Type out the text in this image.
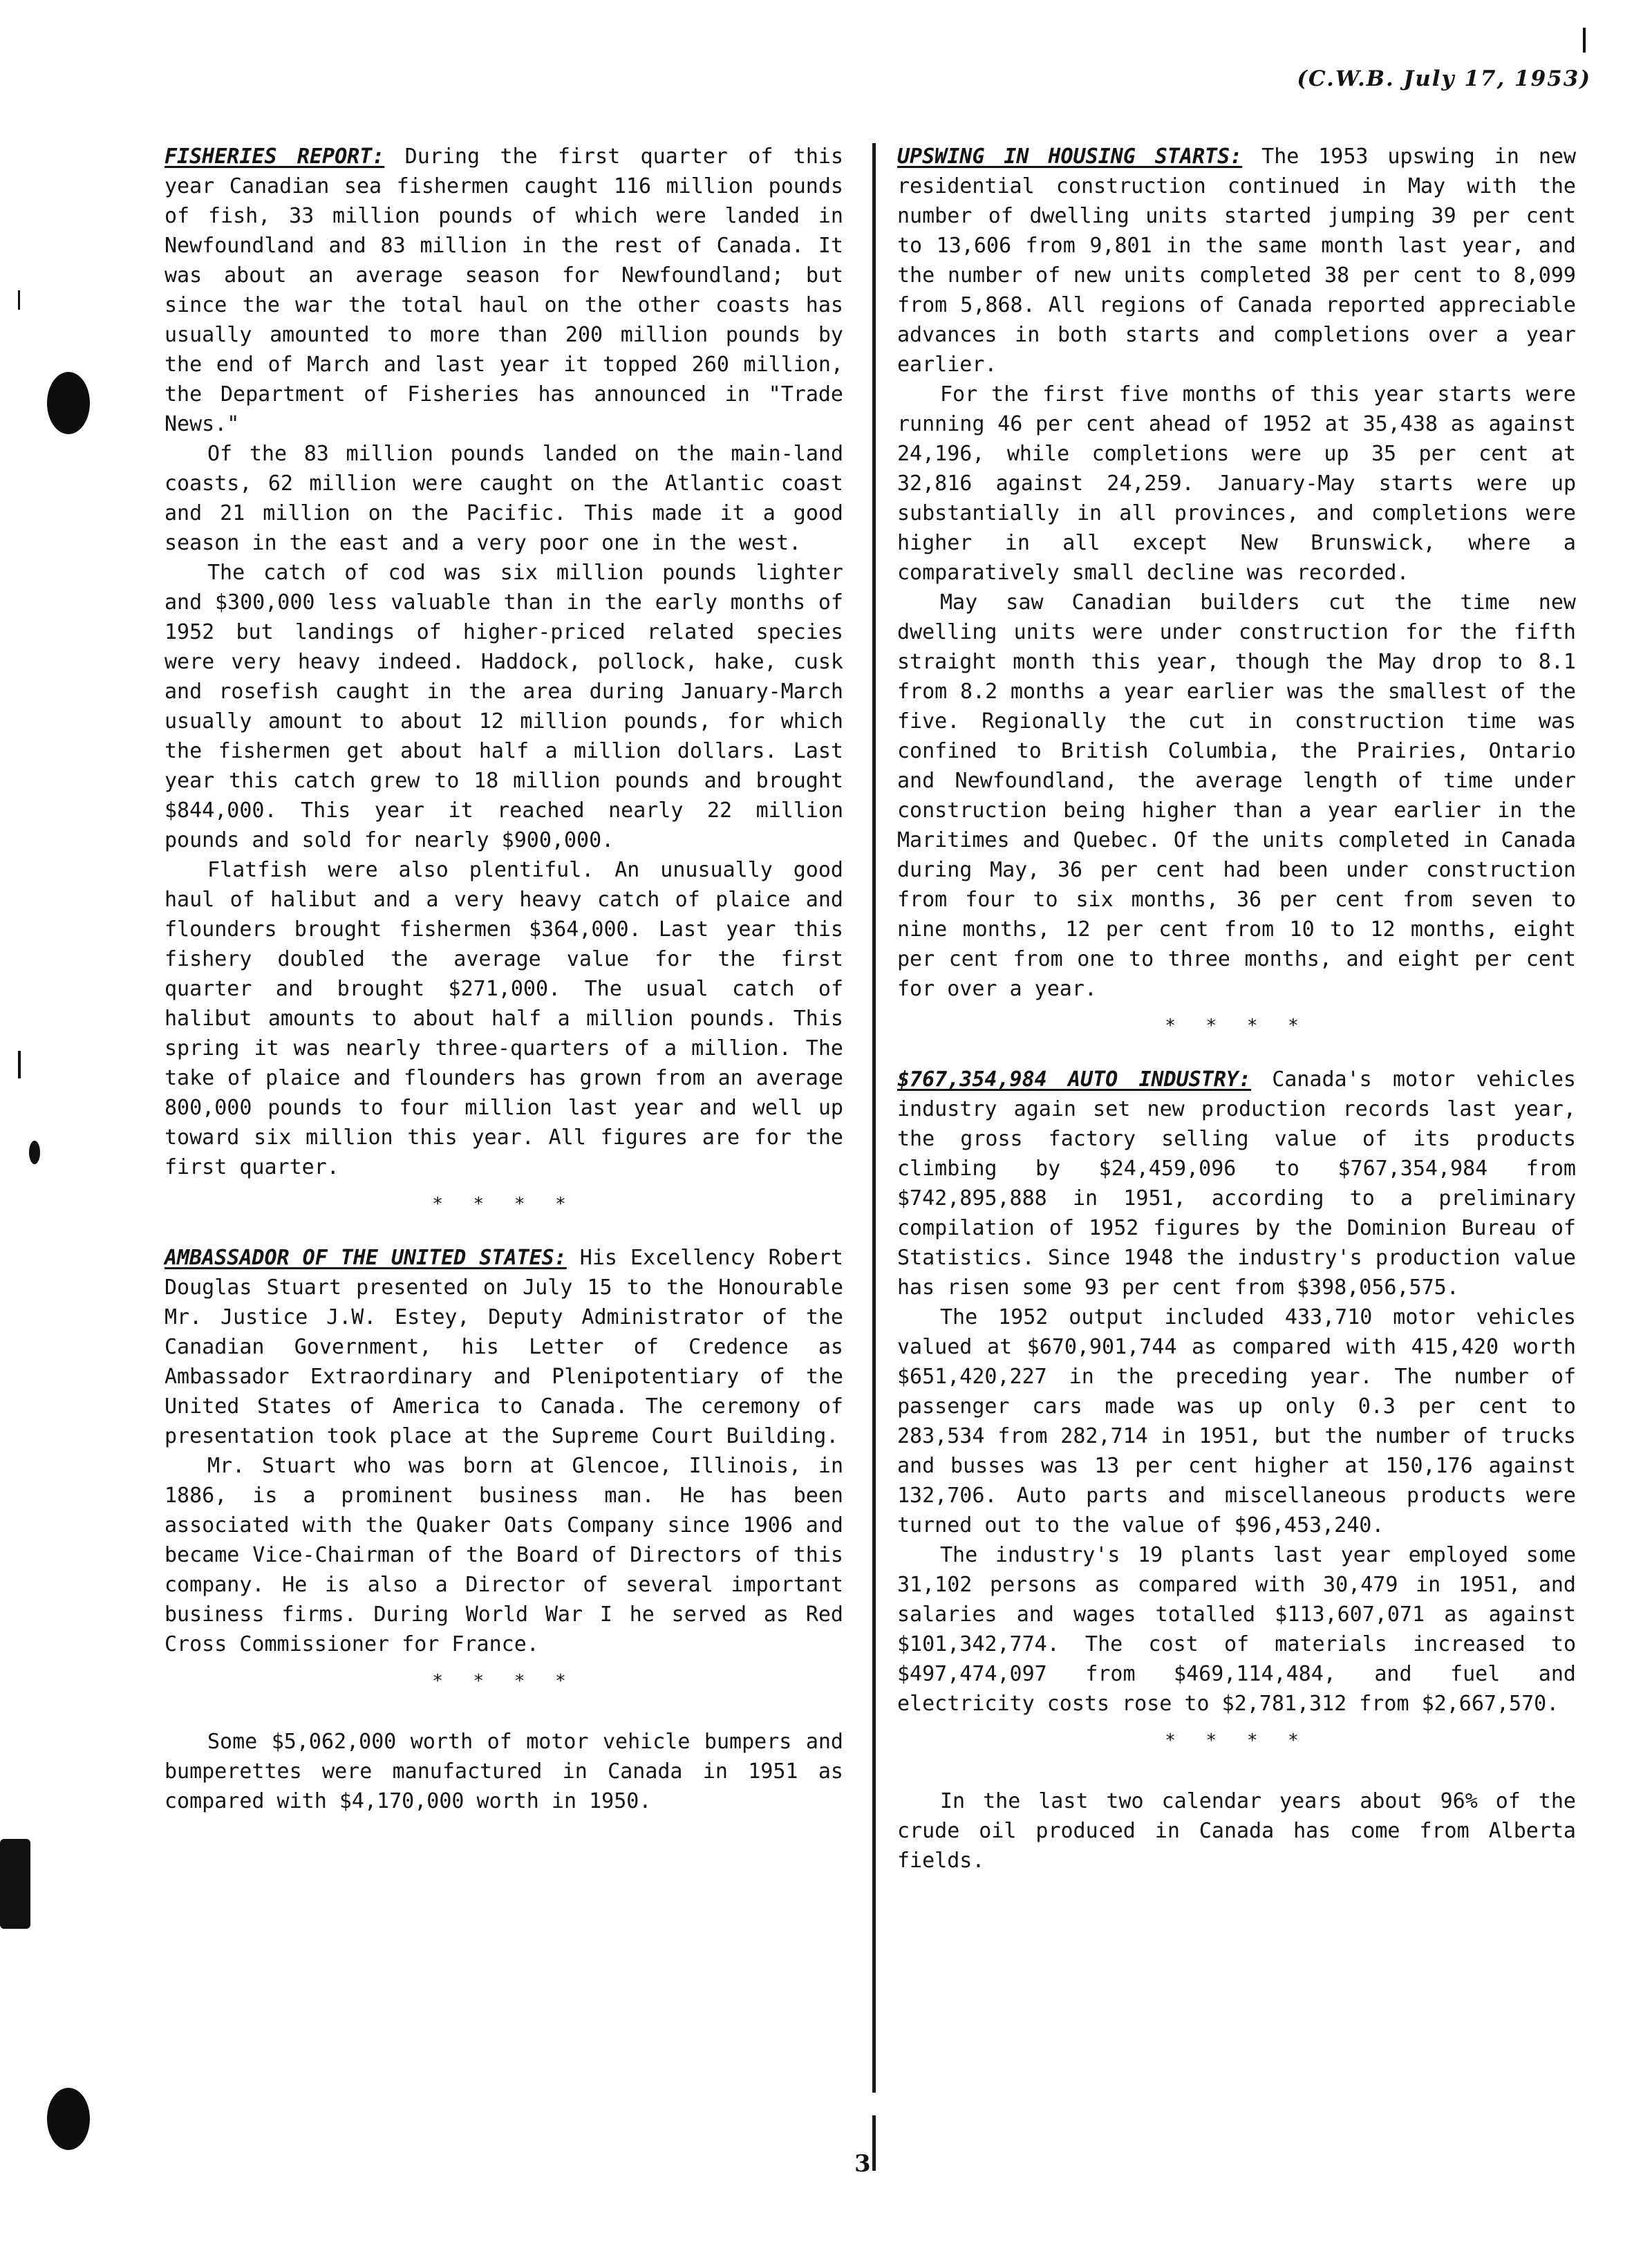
(C.W.B. July 17, 1953)

FISHERIES REPORT: During the first quarter of this year Canadian sea fishermen caught 116 million pounds of fish, 33 million pounds of which were landed in Newfoundland and 83 million in the rest of Canada. It was about an average season for Newfoundland; but since the war the total haul on the other coasts has usually amounted to more than 200 million pounds by the end of March and last year it topped 260 million, the Department of Fisheries has announced in "Trade News."

Of the 83 million pounds landed on the main-land coasts, 62 million were caught on the Atlantic coast and 21 million on the Pacific. This made it a good season in the east and a very poor one in the west.

The catch of cod was six million pounds lighter and $300,000 less valuable than in the early months of 1952 but landings of higher-priced related species were very heavy indeed. Haddock, pollock, hake, cusk and rosefish caught in the area during January-March usually amount to about 12 million pounds, for which the fishermen get about half a million dollars. Last year this catch grew to 18 million pounds and brought $844,000. This year it reached nearly 22 million pounds and sold for nearly $900,000.

Flatfish were also plentiful. An unusually good haul of halibut and a very heavy catch of plaice and flounders brought fishermen $364,000. Last year this fishery doubled the average value for the first quarter and brought $271,000. The usual catch of halibut amounts to about half a million pounds. This spring it was nearly three-quarters of a million. The take of plaice and flounders has grown from an average 800,000 pounds to four million last year and well up toward six million this year. All figures are for the first quarter.

* * * *

AMBASSADOR OF THE UNITED STATES: His Excellency Robert Douglas Stuart presented on July 15 to the Honourable Mr. Justice J.W. Estey, Deputy Administrator of the Canadian Government, his Letter of Credence as Ambassador Extraordinary and Plenipotentiary of the United States of America to Canada. The ceremony of presentation took place at the Supreme Court Building.

Mr. Stuart who was born at Glencoe, Illinois, in 1886, is a prominent business man. He has been associated with the Quaker Oats Company since 1906 and became Vice-Chairman of the Board of Directors of this company. He is also a Director of several important business firms. During World War I he served as Red Cross Commissioner for France.

* * * *

Some $5,062,000 worth of motor vehicle bumpers and bumperettes were manufactured in Canada in 1951 as compared with $4,170,000 worth in 1950.

UPSWING IN HOUSING STARTS: The 1953 upswing in new residential construction continued in May with the number of dwelling units started jumping 39 per cent to 13,606 from 9,801 in the same month last year, and the number of new units completed 38 per cent to 8,099 from 5,868. All regions of Canada reported appreciable advances in both starts and completions over a year earlier.

For the first five months of this year starts were running 46 per cent ahead of 1952 at 35,438 as against 24,196, while completions were up 35 per cent at 32,816 against 24,259. January-May starts were up substantially in all provinces, and completions were higher in all except New Brunswick, where a comparatively small decline was recorded.

May saw Canadian builders cut the time new dwelling units were under construction for the fifth straight month this year, though the May drop to 8.1 from 8.2 months a year earlier was the smallest of the five. Regionally the cut in construction time was confined to British Columbia, the Prairies, Ontario and Newfoundland, the average length of time under construction being higher than a year earlier in the Maritimes and Quebec. Of the units completed in Canada during May, 36 per cent had been under construction from four to six months, 36 per cent from seven to nine months, 12 per cent from 10 to 12 months, eight per cent from one to three months, and eight per cent for over a year.

* * * *

$767,354,984 AUTO INDUSTRY: Canada's motor vehicles industry again set new production records last year, the gross factory selling value of its products climbing by $24,459,096 to $767,354,984 from $742,895,888 in 1951, according to a preliminary compilation of 1952 figures by the Dominion Bureau of Statistics. Since 1948 the industry's production value has risen some 93 per cent from $398,056,575.

The 1952 output included 433,710 motor vehicles valued at $670,901,744 as compared with 415,420 worth $651,420,227 in the preceding year. The number of passenger cars made was up only 0.3 per cent to 283,534 from 282,714 in 1951, but the number of trucks and busses was 13 per cent higher at 150,176 against 132,706. Auto parts and miscellaneous products were turned out to the value of $96,453,240.

The industry's 19 plants last year employed some 31,102 persons as compared with 30,479 in 1951, and salaries and wages totalled $113,607,071 as against $101,342,774. The cost of materials increased to $497,474,097 from $469,114,484, and fuel and electricity costs rose to $2,781,312 from $2,667,570.

* * * *

In the last two calendar years about 96% of the crude oil produced in Canada has come from Alberta fields.

3
